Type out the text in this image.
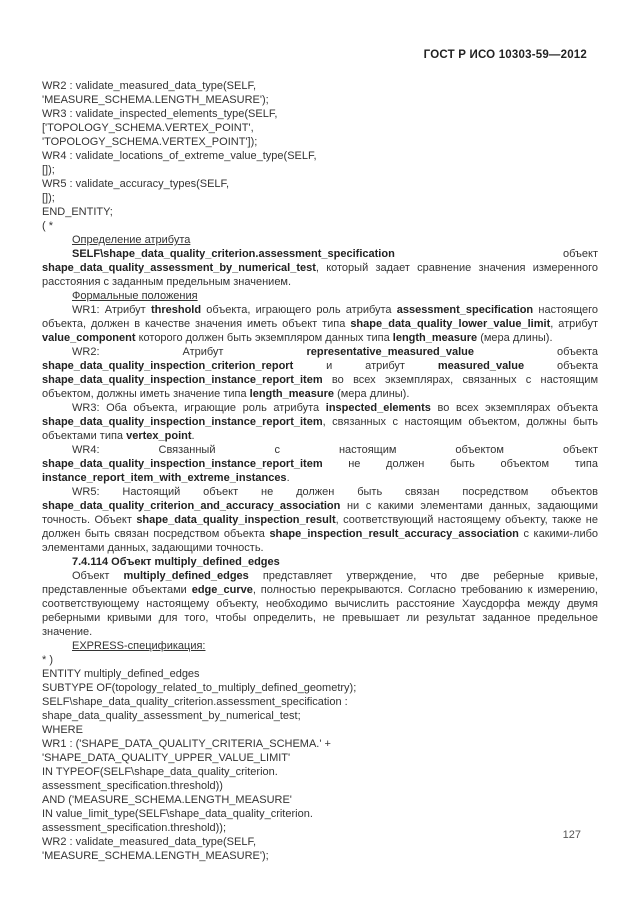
ГОСТ Р ИСО 10303-59—2012
WR2 : validate_measured_data_type(SELF,
'MEASURE_SCHEMA.LENGTH_MEASURE');
WR3 : validate_inspected_elements_type(SELF,
['TOPOLOGY_SCHEMA.VERTEX_POINT',
'TOPOLOGY_SCHEMA.VERTEX_POINT']);
WR4 : validate_locations_of_extreme_value_type(SELF,
[]);
WR5 : validate_accuracy_types(SELF,
[]);
END_ENTITY;
( *
Определение атрибута
SELF\shape_data_quality_criterion.assessment_specification объект shape_data_quality_assessment_by_numerical_test, который задает сравнение значения измеренного расстояния с заданным предельным значением.
Формальные положения
WR1: Атрибут threshold объекта, играющего роль атрибута assessment_specification настоящего объекта, должен в качестве значения иметь объект типа shape_data_quality_lower_value_limit, атрибут value_component которого должен быть экземпляром данных типа length_measure (мера длины).
WR2: Атрибут representative_measured_value объекта shape_data_quality_inspection_criterion_report и атрибут measured_value объекта shape_data_quality_inspection_instance_report_item во всех экземплярах, связанных с настоящим объектом, должны иметь значение типа length_measure (мера длины).
WR3: Оба объекта, играющие роль атрибута inspected_elements во всех экземплярах объекта shape_data_quality_inspection_instance_report_item, связанных с настоящим объектом, должны быть объектами типа vertex_point.
WR4: Связанный с настоящим объектом объект shape_data_quality_inspection_instance_report_item не должен быть объектом типа instance_report_item_with_extreme_instances.
WR5: Настоящий объект не должен быть связан посредством объектов shape_data_quality_criterion_and_accuracy_association ни с какими элементами данных, задающими точность. Объект shape_data_quality_inspection_result, соответствующий настоящему объекту, также не должен быть связан посредством объекта shape_inspection_result_accuracy_association с какими-либо элементами данных, задающими точность.
7.4.114 Объект multiply_defined_edges
Объект multiply_defined_edges представляет утверждение, что две реберные кривые, представленные объектами edge_curve, полностью перекрываются. Согласно требованию к измерению, соответствующему настоящему объекту, необходимо вычислить расстояние Хаусдорфа между двумя реберными кривыми для того, чтобы определить, не превышает ли результат заданное предельное значение.
EXPRESS-спецификация:
* )
ENTITY multiply_defined_edges
SUBTYPE OF(topology_related_to_multiply_defined_geometry);
SELF\shape_data_quality_criterion.assessment_specification :
shape_data_quality_assessment_by_numerical_test;
WHERE
WR1 : ('SHAPE_DATA_QUALITY_CRITERIA_SCHEMA.' +
'SHAPE_DATA_QUALITY_UPPER_VALUE_LIMIT'
IN TYPEOF(SELF\shape_data_quality_criterion.
assessment_specification.threshold))
AND ('MEASURE_SCHEMA.LENGTH_MEASURE'
IN value_limit_type(SELF\shape_data_quality_criterion.
assessment_specification.threshold));
WR2 : validate_measured_data_type(SELF,
'MEASURE_SCHEMA.LENGTH_MEASURE');
127
